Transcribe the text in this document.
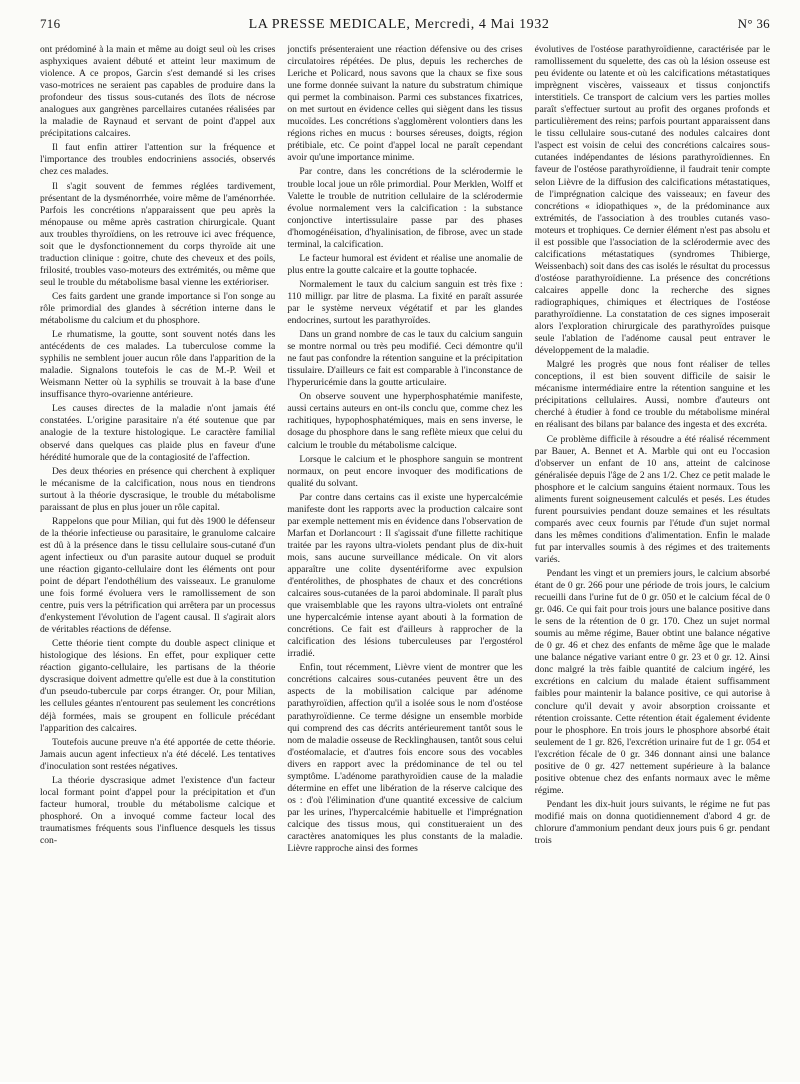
716	LA PRESSE MEDICALE, Mercredi, 4 Mai 1932	N° 36

ont prédominé à la main et même au doigt seul où les crises asphyxiques avaient débuté et atteint leur maximum de violence. A ce propos, Garcin s'est demandé si les crises vaso-motrices ne seraient pas capables de produire dans la profondeur des tissus sous-cutanés des îlots de nécrose analogues aux gangrènes parcellaires cutanées réalisées par la maladie de Raynaud et servant de point d'appel aux précipitations calcaires.

Il faut enfin attirer l'attention sur la fréquence et l'importance des troubles endocriniens associés, observés chez ces malades.

Il s'agit souvent de femmes réglées tardivement, présentant de la dysménorrhée, voire même de l'aménorrhée. Parfois les concrétions n'apparaissent que peu après la ménopause ou même après castration chirurgicale. Quant aux troubles thyroïdiens, on les retrouve ici avec fréquence, soit que le dysfonctionnement du corps thyroïde ait une traduction clinique : goitre, chute des cheveux et des poils, frilosité, troubles vaso-moteurs des extrémités, ou même que seul le trouble du métabolisme basal vienne les extérioriser.

Ces faits gardent une grande importance si l'on songe au rôle primordial des glandes à sécrétion interne dans le métabolisme du calcium et du phosphore.

Le rhumatisme, la goutte, sont souvent notés dans les antécédents de ces malades. La tuberculose comme la syphilis ne semblent jouer aucun rôle dans l'apparition de la maladie. Signalons toutefois le cas de M.-P. Weil et Weismann Netter où la syphilis se trouvait à la base d'une insuffisance thyro-ovarienne antérieure.

Les causes directes de la maladie n'ont jamais été constatées. L'origine parasitaire n'a été soutenue que par analogie de la texture histologique. Le caractère familial observé dans quelques cas plaide plus en faveur d'une hérédité humorale que de la contagiosité de l'affection.

Des deux théories en présence qui cherchent à expliquer le mécanisme de la calcification, nous nous en tiendrons surtout à la théorie dyscrasique, le trouble du métabolisme paraissant de plus en plus jouer un rôle capital.

Rappelons que pour Milian, qui fut dès 1900 le défenseur de la théorie infectieuse ou parasitaire, le granulome calcaire est dû à la présence dans le tissu cellulaire sous-cutané d'un agent infectieux ou d'un parasite autour duquel se produit une réaction giganto-cellulaire dont les éléments ont pour point de départ l'endothélium des vaisseaux. Le granulome une fois formé évoluera vers le ramollissement de son centre, puis vers la pétrification qui arrêtera par un processus d'enkystement l'évolution de l'agent causal. Il s'agirait alors de véritables réactions de défense.

Cette théorie tient compte du double aspect clinique et histologique des lésions. En effet, pour expliquer cette réaction giganto-cellulaire, les partisans de la théorie dyscrasique doivent admettre qu'elle est due à la constitution d'un pseudo-tubercule par corps étranger. Or, pour Milian, les cellules géantes n'entourent pas seulement les concrétions déjà formées, mais se groupent en follicule précédant l'apparition des calcaires.

Toutefois aucune preuve n'a été apportée de cette théorie. Jamais aucun agent infectieux n'a été décelé. Les tentatives d'inoculation sont restées négatives.

La théorie dyscrasique admet l'existence d'un facteur local formant point d'appel pour la précipitation et d'un facteur humoral, trouble du métabolisme calcique et phosphoré. On a invoqué comme facteur local des traumatismes fréquents sous l'influence desquels les tissus con-

jonctifs présenteraient une réaction défensive ou des crises circulatoires répétées. De plus, depuis les recherches de Leriche et Policard, nous savons que la chaux se fixe sous une forme donnée suivant la nature du substratum chimique qui permet la combinaison. Parmi ces substances fixatrices, on met surtout en évidence celles qui siègent dans les tissus mucoïdes. Les concrétions s'agglomèrent volontiers dans les régions riches en mucus : bourses séreuses, doigts, région prétibiale, etc. Ce point d'appel local ne paraît cependant avoir qu'une importance minime.

Par contre, dans les concrétions de la sclérodermie le trouble local joue un rôle primordial. Pour Merklen, Wolff et Valette le trouble de nutrition cellulaire de la sclérodermie évolue normalement vers la calcification : la substance conjonctive intertissulaire passe par des phases d'homogénéisation, d'hyalinisation, de fibrose, avec un stade terminal, la calcification.

Le facteur humoral est évident et réalise une anomalie de plus entre la goutte calcaire et la goutte tophacée.

Normalement le taux du calcium sanguin est très fixe : 110 milligr. par litre de plasma. La fixité en paraît assurée par le système nerveux végétatif et par les glandes endocrines, surtout les parathyroïdes.

Dans un grand nombre de cas le taux du calcium sanguin se montre normal ou très peu modifié. Ceci démontre qu'il ne faut pas confondre la rétention sanguine et la précipitation tissulaire. D'ailleurs ce fait est comparable à l'inconstance de l'hyperuricémie dans la goutte articulaire.

On observe souvent une hyperphosphatémie manifeste, aussi certains auteurs en ont-ils conclu que, comme chez les rachitiques, hypophosphatémiques, mais en sens inverse, le dosage du phosphore dans le sang reflète mieux que celui du calcium le trouble du métabolisme calcique.

Lorsque le calcium et le phosphore sanguin se montrent normaux, on peut encore invoquer des modifications de qualité du solvant.

Par contre dans certains cas il existe une hypercalcémie manifeste dont les rapports avec la production calcaire sont par exemple nettement mis en évidence dans l'observation de Marfan et Dorlancourt : Il s'agissait d'une fillette rachitique traitée par les rayons ultra-violets pendant plus de dix-huit mois, sans aucune surveillance médicale. On vit alors apparaître une colite dysentériforme avec expulsion d'entérolithes, de phosphates de chaux et des concrétions calcaires sous-cutanées de la paroi abdominale. Il paraît plus que vraisemblable que les rayons ultra-violets ont entraîné une hypercalcémie intense ayant abouti à la formation de concrétions. Ce fait est d'ailleurs à rapprocher de la calcification des lésions tuberculeuses par l'ergostérol irradié.

Enfin, tout récemment, Lièvre vient de montrer que les concrétions calcaires sous-cutanées peuvent être un des aspects de la mobilisation calcique par adénome parathyroïdien, affection qu'il a isolée sous le nom d'ostéose parathyroïdienne. Ce terme désigne un ensemble morbide qui comprend des cas décrits antérieurement tantôt sous le nom de maladie osseuse de Recklinghausen, tantôt sous celui d'ostéomalacie, et d'autres fois encore sous des vocables divers en rapport avec la prédominance de tel ou tel symptôme. L'adénome parathyroïdien cause de la maladie détermine en effet une libération de la réserve calcique des os : d'où l'élimination d'une quantité excessive de calcium par les urines, l'hypercalcémie habituelle et l'imprégnation calcique des tissus mous, qui constitueraient un des caractères anatomiques les plus constants de la maladie. Lièvre rapproche ainsi des formes

évolutives de l'ostéose parathyroïdienne, caractérisée par le ramollissement du squelette, des cas où la lésion osseuse est peu évidente ou latente et où les calcifications métastatiques imprègnent viscères, vaisseaux et tissus conjonctifs interstitiels. Ce transport de calcium vers les parties molles paraît s'effectuer surtout au profit des organes profonds et particulièrement des reins; parfois pourtant apparaissent dans le tissu cellulaire sous-cutané des nodules calcaires dont l'aspect est voisin de celui des concrétions calcaires sous-cutanées indépendantes de lésions parathyroïdiennes. En faveur de l'ostéose parathyroïdienne, il faudrait tenir compte selon Lièvre de la diffusion des calcifications métastatiques, de l'imprégnation calcique des vaisseaux; en faveur des concrétions « idiopathiques », de la prédominance aux extrémités, de l'association à des troubles cutanés vaso-moteurs et trophiques. Ce dernier élément n'est pas absolu et il est possible que l'association de la sclérodermie avec des calcifications métastatiques (syndromes Thibierge, Weissenbach) soit dans des cas isolés le résultat du processus d'ostéose parathyroïdienne. La présence des concrétions calcaires appelle donc la recherche des signes radiographiques, chimiques et électriques de l'ostéose parathyroïdienne. La constatation de ces signes imposerait alors l'exploration chirurgicale des parathyroïdes puisque seule l'ablation de l'adénome causal peut entraver le développement de la maladie.

Malgré les progrès que nous font réaliser de telles conceptions, il est bien souvent difficile de saisir le mécanisme intermédiaire entre la rétention sanguine et les précipitations cellulaires. Aussi, nombre d'auteurs ont cherché à étudier à fond ce trouble du métabolisme minéral en réalisant des bilans par balance des ingesta et des excréta.

Ce problème difficile à résoudre a été réalisé récemment par Bauer, A. Bennet et A. Marble qui ont eu l'occasion d'observer un enfant de 10 ans, atteint de calcinose généralisée depuis l'âge de 2 ans 1/2. Chez ce petit malade le phosphore et le calcium sanguins étaient normaux. Tous les aliments furent soigneusement calculés et pesés. Les études furent poursuivies pendant douze semaines et les résultats comparés avec ceux fournis par l'étude d'un sujet normal dans les mêmes conditions d'alimentation. Enfin le malade fut par intervalles soumis à des régimes et des traitements variés.

Pendant les vingt et un premiers jours, le calcium absorbé étant de 0 gr. 266 pour une période de trois jours, le calcium recueilli dans l'urine fut de 0 gr. 050 et le calcium fécal de 0 gr. 046. Ce qui fait pour trois jours une balance positive dans le sens de la rétention de 0 gr. 170. Chez un sujet normal soumis au même régime, Bauer obtint une balance négative de 0 gr. 46 et chez des enfants de même âge que le malade une balance négative variant entre 0 gr. 23 et 0 gr. 12. Ainsi donc malgré la très faible quantité de calcium ingéré, les excrétions en calcium du malade étaient suffisamment faibles pour maintenir la balance positive, ce qui autorise à conclure qu'il devait y avoir absorption croissante et rétention croissante. Cette rétention était également évidente pour le phosphore. En trois jours le phosphore absorbé était seulement de 1 gr. 826, l'excrétion urinaire fut de 1 gr. 054 et l'excrétion fécale de 0 gr. 346 donnant ainsi une balance positive de 0 gr. 427 nettement supérieure à la balance positive obtenue chez des enfants normaux avec le même régime.

Pendant les dix-huit jours suivants, le régime ne fut pas modifié mais on donna quotidiennement d'abord 4 gr. de chlorure d'ammonium pendant deux jours puis 6 gr. pendant trois
